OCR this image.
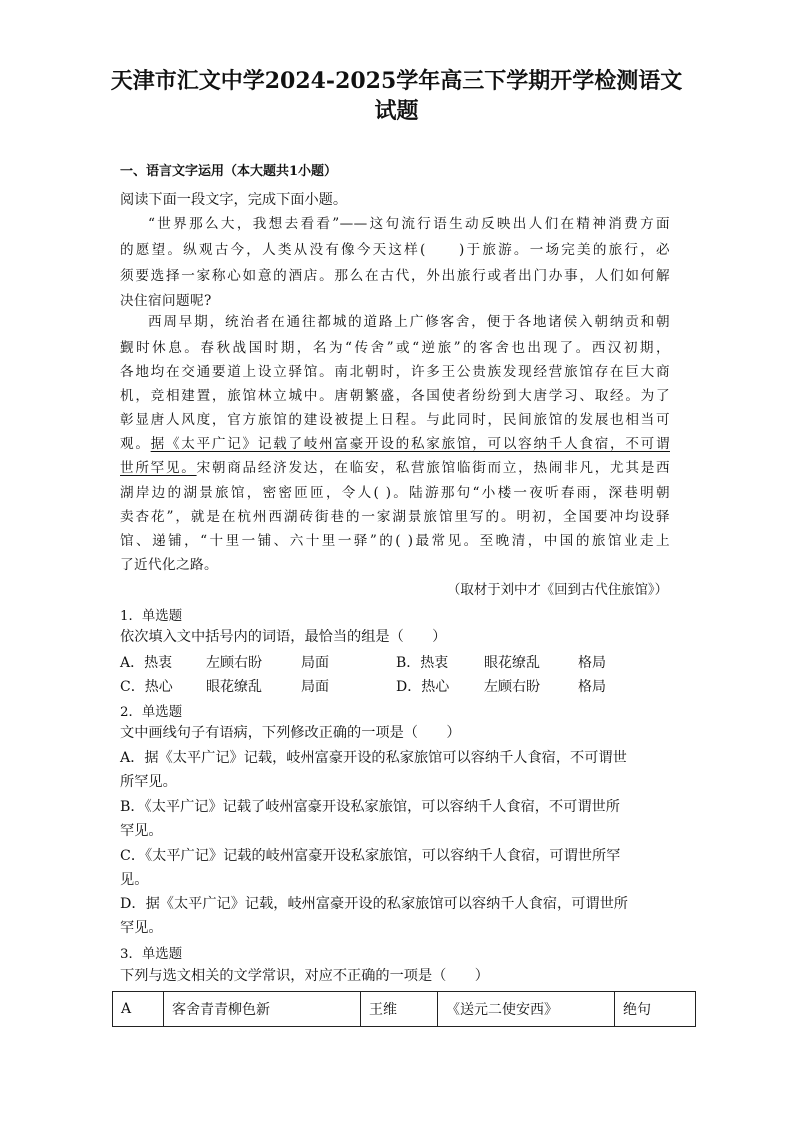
天津市汇文中学2024-2025学年高三下学期开学检测语文
试题
一、语言文字运用（本大题共1小题）
阅读下面一段文字，完成下面小题。
“世界那么大，我想去看看”——这句流行语生动反映出人们在精神消费方面
的愿望。纵观古今，人类从没有像今天这样(　　)于旅游。一场完美的旅行，必
须要选择一家称心如意的酒店。那么在古代，外出旅行或者出门办事，人们如何解
决住宿问题呢?
西周早期，统治者在通往都城的道路上广修客舍，便于各地诸侯入朝纳贡和朝
觐时休息。春秋战国时期，名为“传舍”或“逆旅”的客舍也出现了。西汉初期，
各地均在交通要道上设立驿馆。南北朝时，许多王公贵族发现经营旅馆存在巨大商
机，竞相建置，旅馆林立城中。唐朝繁盛，各国使者纷纷到大唐学习、取经。为了
彰显唐人风度，官方旅馆的建设被提上日程。与此同时，民间旅馆的发展也相当可
观。据《太平广记》记载了岐州富豪开设的私家旅馆，可以容纳千人食宿，不可谓
世所罕见。宋朝商品经济发达，在临安，私营旅馆临街而立，热闹非凡，尤其是西
湖岸边的湖景旅馆，密密匝匝，令人( )。陆游那句“小楼一夜听春雨，深巷明朝
卖杏花”，就是在杭州西湖砖街巷的一家湖景旅馆里写的。明初，全国要冲均设驿
馆、递铺，“十里一铺、六十里一驿”的( )最常见。至晚清，中国的旅馆业走上
了近代化之路。
（取材于刘中才《回到古代住旅馆》）
1．单选题
依次填入文中括号内的词语，最恰当的组是（　　）
A．热衷 左顾右盼	局面	B．热衷	眼花缭乱	格局
C．热心 眼花缭乱	局面	D．热心 左顾右盼	格局
2．单选题
文中画线句子有语病，下列修改正确的一项是（　　）
A．据《太平广记》记载，岐州富豪开设的私家旅馆可以容纳千人食宿，不可谓世
所罕见。
B．《太平广记》记载了岐州富豪开设私家旅馆，可以容纳千人食宿，不可谓世所
罕见。
C．《太平广记》记载的岐州富豪开设私家旅馆，可以容纳千人食宿，可谓世所罕
见。
D．据《太平广记》记载，岐州富豪开设的私家旅馆可以容纳千人食宿，可谓世所
罕见。
3．单选题
下列与选文相关的文学常识，对应不正确的一项是（　　）
A	客舍青青柳色新	王维	《送元二使安西》	绝句
